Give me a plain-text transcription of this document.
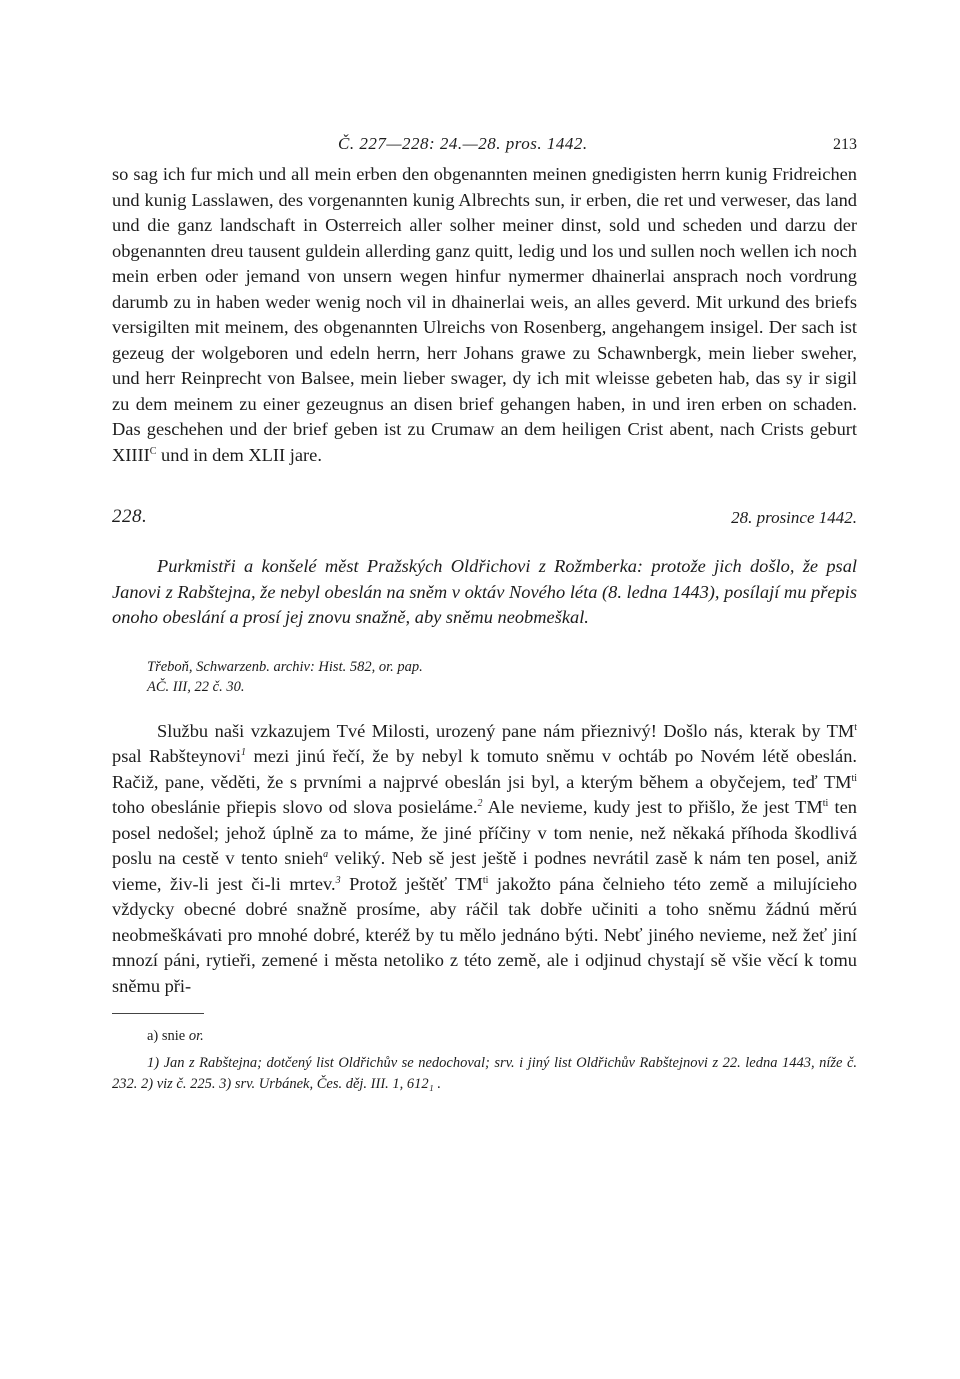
Č. 227—228: 24.—28. pros. 1442.	213

so sag ich fur mich und all mein erben den obgenannten meinen gnedigisten herrn kunig Fridreichen und kunig Lasslawen, des vorgenannten kunig Albrechts sun, ir erben, die ret und verweser, das land und die ganz landschaft in Osterreich aller solher meiner dinst, sold und scheden und darzu der obgenannten dreu tausent guldein allerding ganz quitt, ledig und los und sullen noch wellen ich noch mein erben oder jemand von unsern wegen hinfur nymermer dhainerlai ansprach noch vordrung darumb zu in haben weder wenig noch vil in dhainerlai weis, an alles geverd. Mit urkund des briefs versigilten mit meinem, des obgenannten Ulreichs von Rosenberg, angehangem insigel. Der sach ist gezeug der wolgeboren und edeln herrn, herr Johans grawe zu Schawnbergk, mein lieber sweher, und herr Reinprecht von Balsee, mein lieber swager, dy ich mit wleisse gebeten hab, das sy ir sigil zu dem meinem zu einer gezeugnus an disen brief gehangen haben, in und iren erben on schaden. Das geschehen und der brief geben ist zu Crumaw an dem heiligen Crist abent, nach Crists geburt $XIIII^C$ und in dem XLII jare.

228.	28. prosince 1442.

Purkmistři a konšelé měst Pražských Oldřichovi z Rožmberka: protože jich došlo, že psal Janovi z Rabštejna, že nebyl obeslán na sněm v oktáv Nového léta (8. ledna 1443), posílají mu přepis onoho obeslání a prosí jej znovu snažně, aby sněmu neobmeškal.

Třeboň, Schwarzenb. archiv: Hist. 582, or. pap.
AČ. III, 22 č. 30.

Službu naši vzkazujem Tvé Milosti, urozený pane nám přieznivý! Došlo nás, kterak by $TM^t$ psal Rabšteynovi$^1$ mezi jinú řečí, že by nebyl k tomuto sněmu v ochtáb po Novém létě obeslán. Račiž, pane, věděti, že s prvními a najprvé obeslán jsi byl, a kterým během a obyčejem, teď $TM^{ti}$ toho obeslánie přiepis slovo od slova posieláme.$^2$ Ale nevieme, kudy jest to přišlo, že jest $TM^{ti}$ ten posel nedošel; jehož úplně za to máme, že jiné příčiny v tom nenie, než někaká příhoda škodlivá poslu na cestě v tento snieh$^a$ veliký. Neb sě jest ještě i podnes nevrátil zasě k nám ten posel, aniž vieme, živ-li jest či-li mrtev.$^3$ Protož ještěť $TM^{ti}$ jakožto pána čelnieho této země a milujícieho vždycky obecné dobré snažně prosíme, aby ráčil tak dobře učiniti a toho sněmu žádnú měrú neobmeškávati pro mnohé dobré, kteréž by tu mělo jednáno býti. Nebť jiného nevieme, než žeť jiní mnozí páni, rytieři, zemené i města netoliko z této země, ale i odjinud chystají sě všie věcí k tomu sněmu při-

a) snie or.
1) Jan z Rabštejna; dotčený list Oldřichův se nedochoval; srv. i jiný list Oldřichův Rabštejnovi z 22. ledna 1443, níže č. 232. 2) viz č. 225. 3) srv. Urbánek, Čes. děj. III. 1, 612₁ .
